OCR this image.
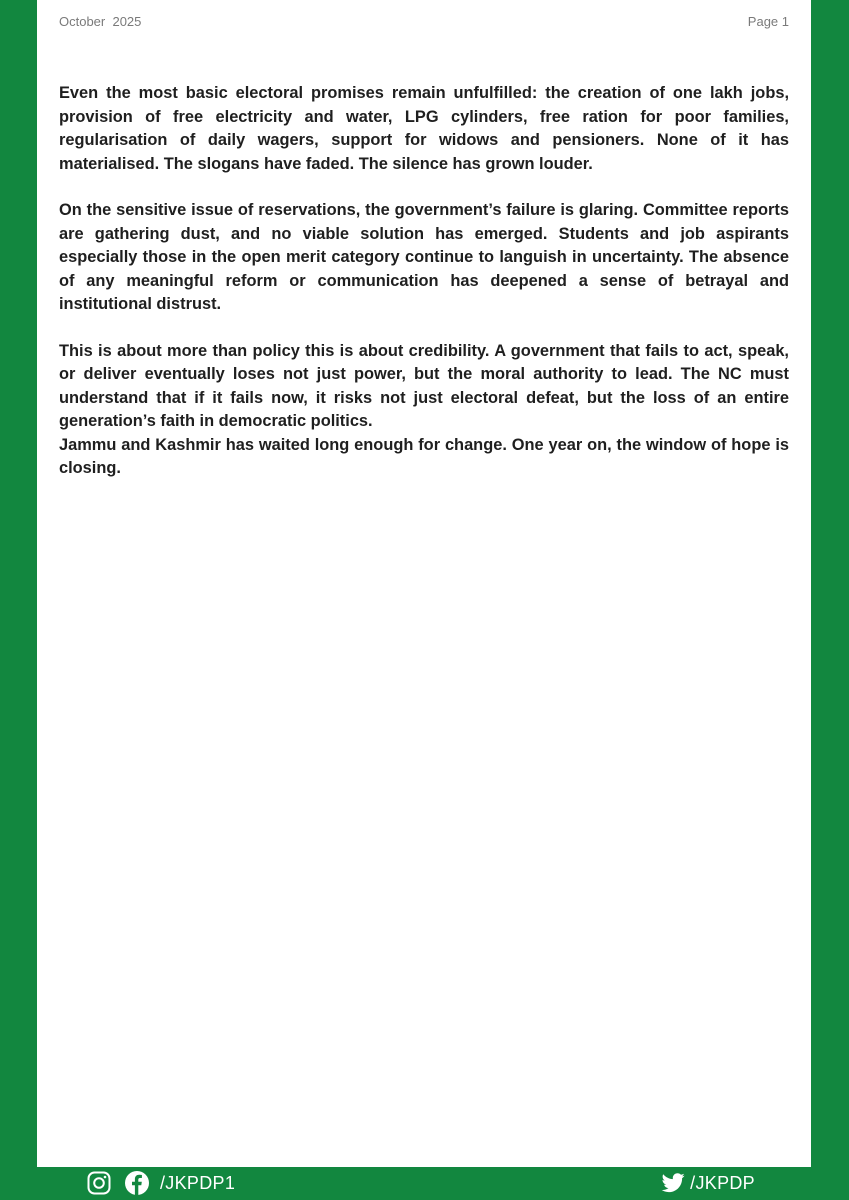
October  2025	Page 1

Even the most basic electoral promises remain unfulfilled: the creation of one lakh jobs, provision of free electricity and water, LPG cylinders, free ration for poor families, regularisation of daily wagers, support for widows and pensioners. None of it has materialised. The slogans have faded. The silence has grown louder.

On the sensitive issue of reservations, the government’s failure is glaring. Committee reports are gathering dust, and no viable solution has emerged. Students and job aspirants especially those in the open merit category continue to languish in uncertainty. The absence of any meaningful reform or communication has deepened a sense of betrayal and institutional distrust.

This is about more than policy this is about credibility. A government that fails to act, speak, or deliver eventually loses not just power, but the moral authority to lead. The NC must understand that if it fails now, it risks not just electoral defeat, but the loss of an entire generation’s faith in democratic politics.

Jammu and Kashmir has waited long enough for change. One year on, the window of hope is closing.

/JKPDP1	/JKPDP
